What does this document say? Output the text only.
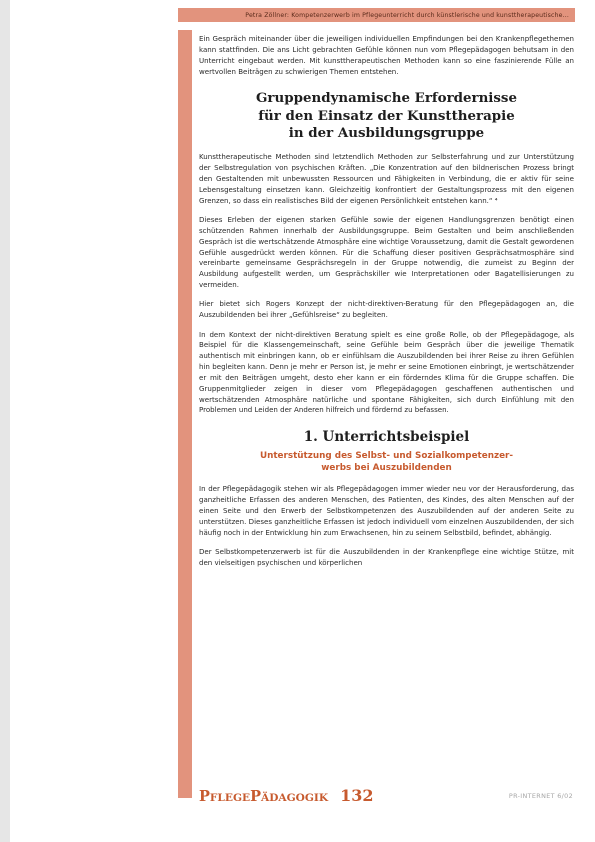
Petra Zöllner: Kompetenzerwerb im Pflegeunterricht durch künstlerische und kunsttherapeutische...

Ein Gespräch miteinander über die jeweiligen individuellen Empfindungen bei den Krankenpflegethemen kann stattfinden. Die ans Licht gebrachten Gefühle können nun vom Pflegepädagogen behutsam in den Unterricht eingebaut werden. Mit kunsttherapeutischen Methoden kann so eine faszinierende Fülle an wertvollen Beiträgen zu schwierigen Themen entstehen.

Gruppendynamische Erfordernisse
für den Einsatz der Kunsttherapie
in der Ausbildungsgruppe

Kunsttherapeutische Methoden sind letztendlich Methoden zur Selbsterfahrung und zur Unterstützung der Selbstregulation von psychischen Kräften. „Die Konzentration auf den bildnerischen Prozess bringt den Gestaltenden mit unbewussten Ressourcen und Fähigkeiten in Verbindung, die er aktiv für seine Lebensgestaltung einsetzen kann. Gleichzeitig konfrontiert der Gestaltungsprozess mit den eigenen Grenzen, so dass ein realistisches Bild der eigenen Persönlichkeit entstehen kann.“ ⁴

Dieses Erleben der eigenen starken Gefühle sowie der eigenen Handlungsgrenzen benötigt einen schützenden Rahmen innerhalb der Ausbildungsgruppe. Beim Gestalten und beim anschließenden Gespräch ist die wertschätzende Atmosphäre eine wichtige Voraussetzung, damit die Gestalt gewordenen Gefühle ausgedrückt werden können. Für die Schaffung dieser positiven Gesprächsatmosphäre sind vereinbarte gemeinsame Gesprächsregeln in der Gruppe notwendig, die zumeist zu Beginn der Ausbildung aufgestellt werden, um Gesprächskiller wie Interpretationen oder Bagatellisierungen zu vermeiden.

Hier bietet sich Rogers Konzept der nicht-direktiven-Beratung für den Pflegepädagogen an, die Auszubildenden bei ihrer „Gefühlsreise“ zu begleiten.

In dem Kontext der nicht-direktiven Beratung spielt es eine große Rolle, ob der Pflegepädagoge, als Beispiel für die Klassengemeinschaft, seine Gefühle beim Gespräch über die jeweilige Thematik authentisch mit einbringen kann, ob er einfühlsam die Auszubildenden bei ihrer Reise zu ihren Gefühlen hin begleiten kann. Denn je mehr er Person ist, je mehr er seine Emotionen einbringt, je wertschätzender er mit den Beiträgen umgeht, desto eher kann er ein förderndes Klima für die Gruppe schaffen. Die Gruppenmitglieder zeigen in dieser vom Pflegepädagogen geschaffenen authentischen und wertschätzenden Atmosphäre natürliche und spontane Fähigkeiten, sich durch Einfühlung mit den Problemen und Leiden der Anderen hilfreich und fördernd zu befassen.

1. Unterrichtsbeispiel
Unterstützung des Selbst- und Sozialkompetenzer-
werbs bei Auszubildenden

In der Pflegepädagogik stehen wir als Pflegepädagogen immer wieder neu vor der Herausforderung, das ganzheitliche Erfassen des anderen Menschen, des Patienten, des Kindes, des alten Menschen auf der einen Seite und den Erwerb der Selbstkompetenzen des Auszubildenden auf der anderen Seite zu unterstützen. Dieses ganzheitliche Erfassen ist jedoch individuell vom einzelnen Auszubildenden, der sich häufig noch in der Entwicklung hin zum Erwachsenen, hin zu seinem Selbstbild, befindet, abhängig.

Der Selbstkompetenzerwerb ist für die Auszubildenden in der Krankenpflege eine wichtige Stütze, mit den vielseitigen psychischen und körperlichen

PFLEGEPÄDAGOGIK 132	PR-INTERNET 6/02
